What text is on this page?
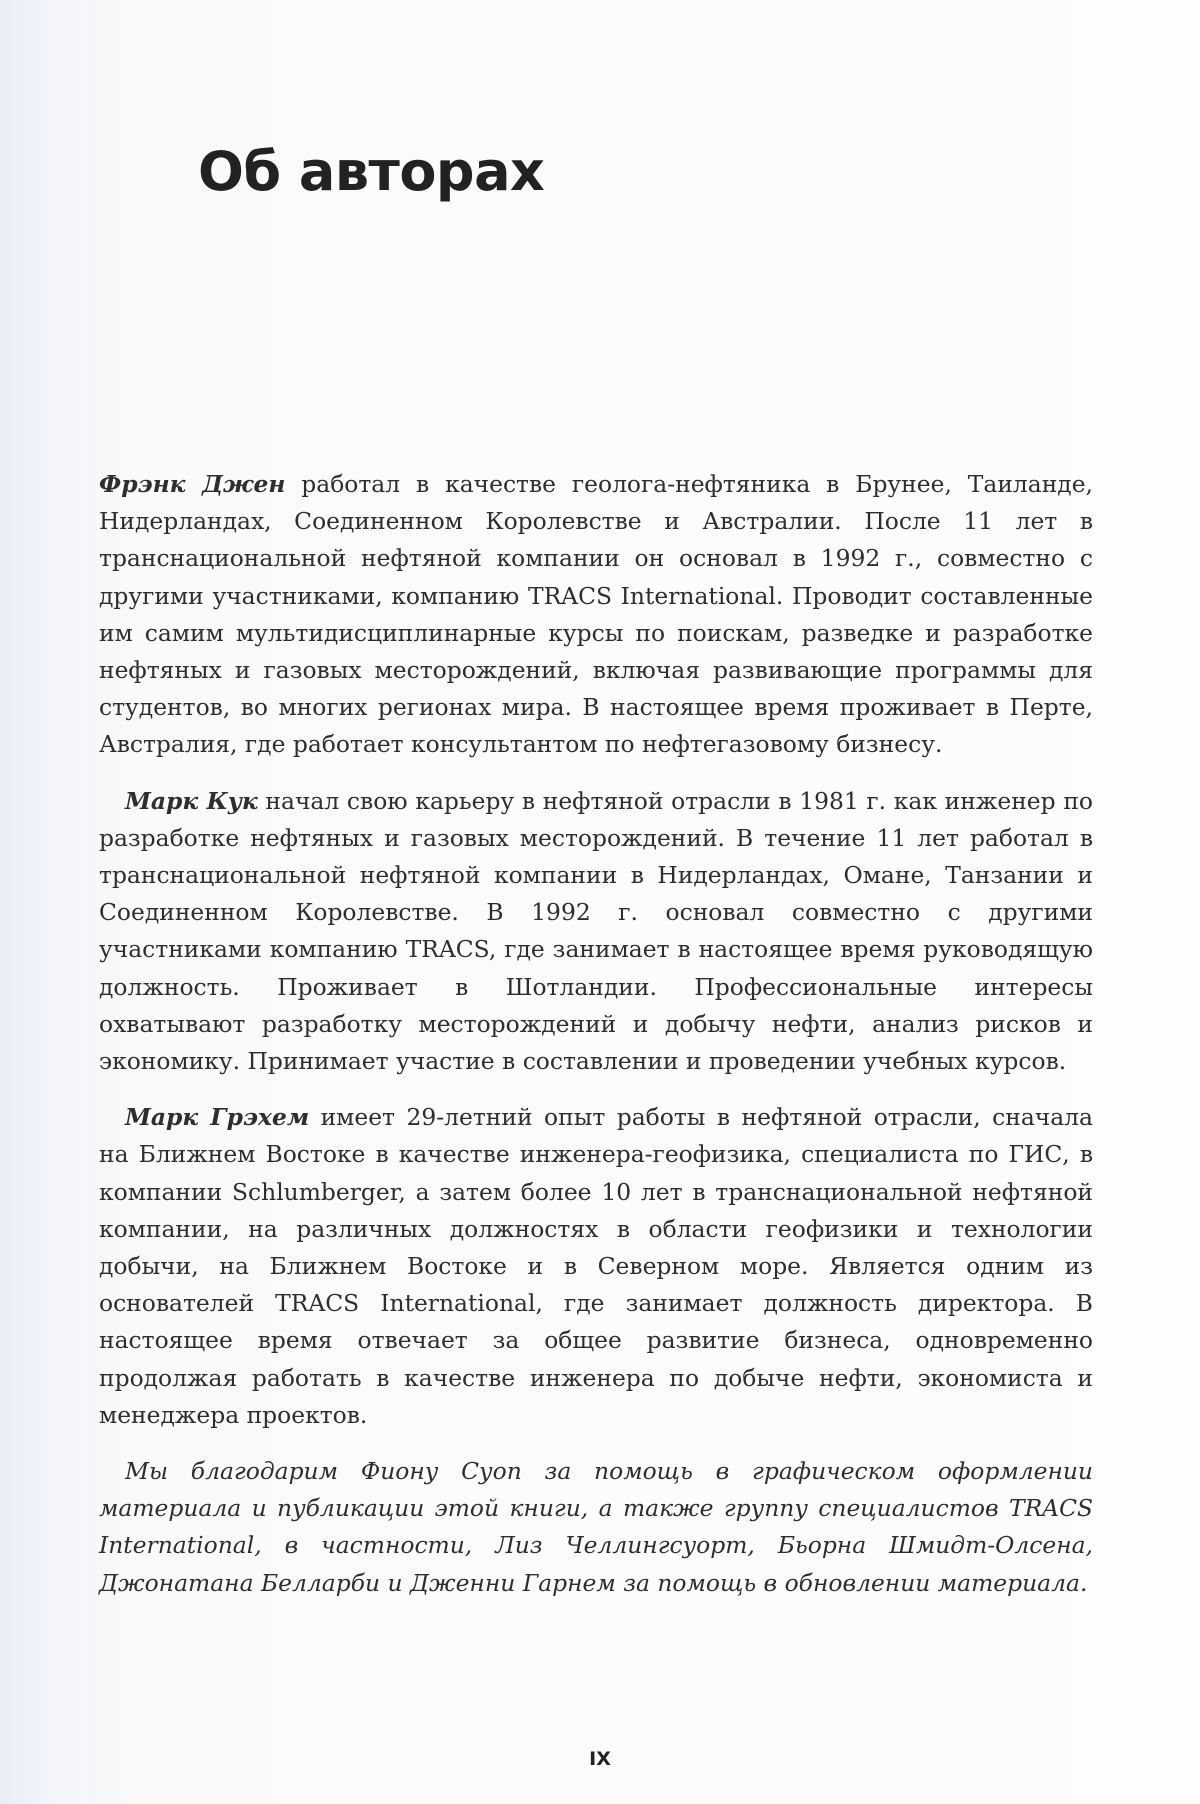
Об авторах

Фрэнк Джен работал в качестве геолога-нефтяника в Брунее, Таиланде, Нидерландах, Соединенном Королевстве и Австралии. После 11 лет в транснациональной нефтяной компании он основал в 1992 г., совместно с другими участниками, компанию TRACS International. Проводит составленные им самим мультидисциплинарные курсы по поискам, разведке и разработке нефтяных и газовых месторождений, включая развивающие программы для студентов, во многих регионах мира. В настоящее время проживает в Перте, Австралия, где работает консультантом по нефтегазовому бизнесу.

Марк Кук начал свою карьеру в нефтяной отрасли в 1981 г. как инженер по разработке нефтяных и газовых месторождений. В течение 11 лет работал в транснациональной нефтяной компании в Нидерландах, Омане, Танзании и Соединенном Королевстве. В 1992 г. основал совместно с другими участниками компанию TRACS, где занимает в настоящее время руководящую должность. Проживает в Шотландии. Профессиональные интересы охватывают разработку месторождений и добычу нефти, анализ рисков и экономику. Принимает участие в составлении и проведении учебных курсов.

Марк Грэхем имеет 29-летний опыт работы в нефтяной отрасли, сначала на Ближнем Востоке в качестве инженера-геофизика, специалиста по ГИС, в компании Schlumberger, а затем более 10 лет в транснациональной нефтяной компании, на различных должностях в области геофизики и технологии добычи, на Ближнем Востоке и в Северном море. Является одним из основателей TRACS International, где занимает должность директора. В настоящее время отвечает за общее развитие бизнеса, одновременно продолжая работать в качестве инженера по добыче нефти, экономиста и менеджера проектов.

Мы благодарим Фиону Суоп за помощь в графическом оформлении материала и публикации этой книги, а также группу специалистов TRACS International, в частности, Лиз Челлингсуорт, Бьорна Шмидт-Олсена, Джонатана Белларби и Дженни Гарнем за помощь в обновлении материала.

IX
